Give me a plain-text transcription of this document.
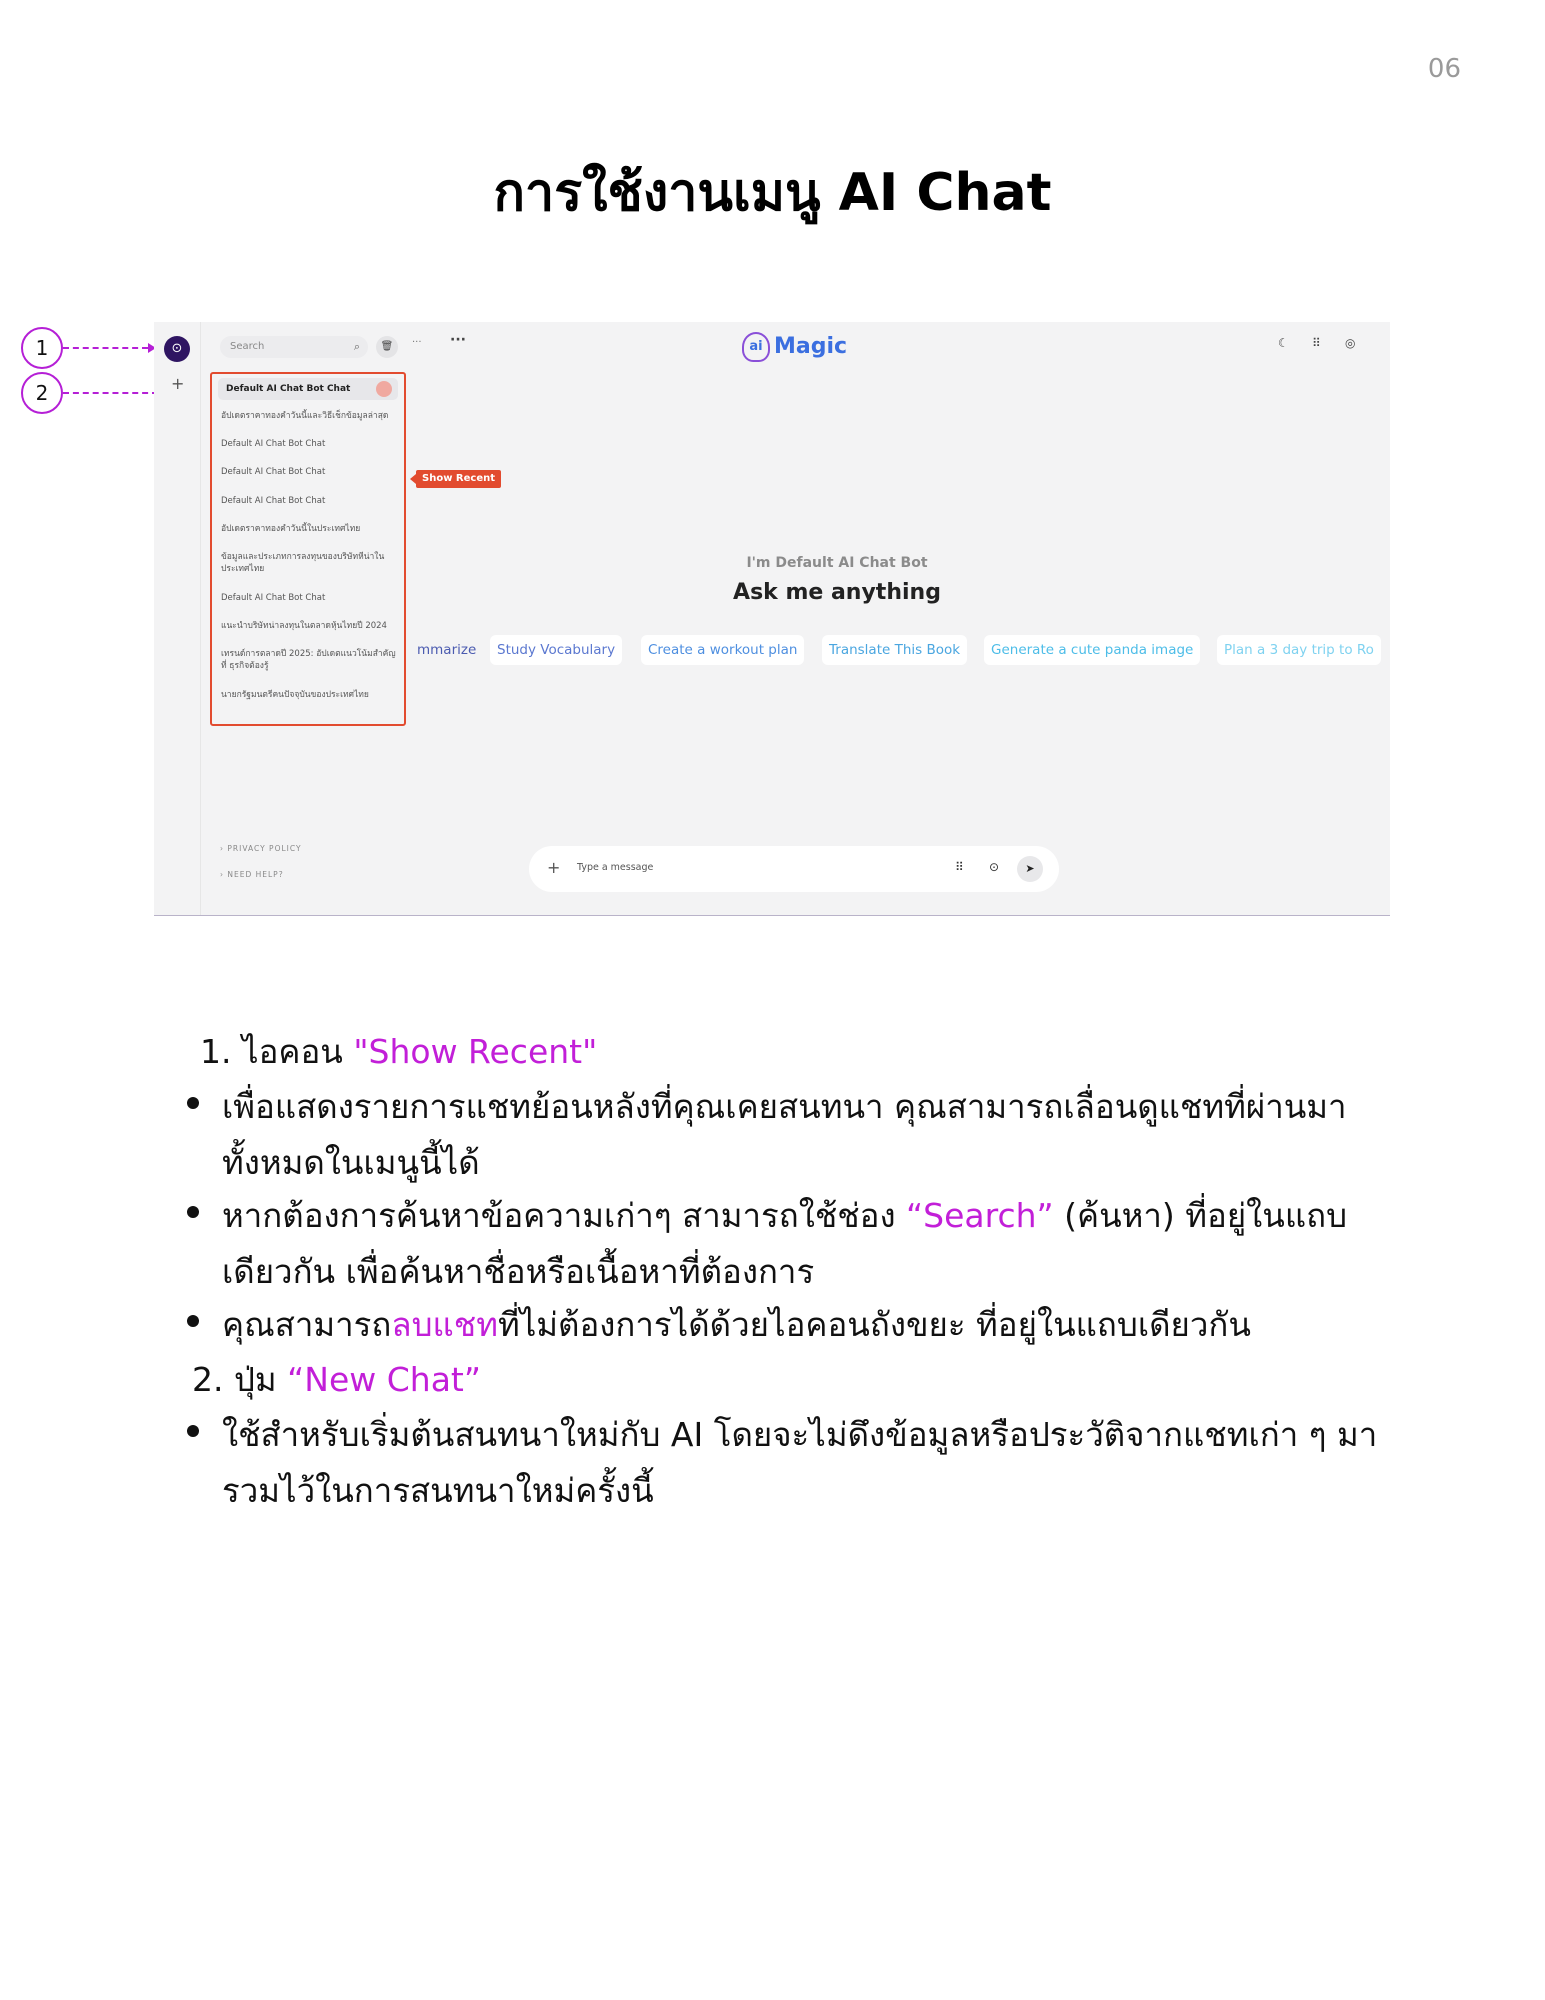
06
การใช้งานเมนู AI Chat
1
2
⊙
+
Search	⌕	🗑	··· ···
Default AI Chat Bot Chat
อัปเดตราคาทองคำวันนี้และวิธีเช็กข้อมูลล่าสุด
Default AI Chat Bot Chat
Default AI Chat Bot Chat
Default AI Chat Bot Chat
อัปเดตราคาทองคำวันนี้ในประเทศไทย
ข้อมูลและประเภทการลงทุนของบริษัทหีน่าใน ประเทศไทย
Default AI Chat Bot Chat
แนะนำบริษัทน่าลงทุนในตลาดหุ้นไทยปี 2024
เทรนด์การตลาดปี 2025: อัปเดตแนวโน้มสำคัญที่ ธุรกิจต้องรู้
นายกรัฐมนตรีคนปัจจุบันของประเทศไทย
Show Recent
› PRIVACY POLICY
› NEED HELP?
ai Magic	☾ ⠿ ◎
I'm Default AI Chat Bot
Ask me anything
mmarize	Study Vocabulary	Create a workout plan	Translate This Book	Generate a cute panda image	Plan a 3 day trip to Ro
+ Type a message	⠿ ⊙	➤
1. ไอคอน "Show Recent"
เพื่อแสดงรายการแชทย้อนหลังที่คุณเคยสนทนา คุณสามารถเลื่อนดูแชทที่ผ่านมา
ทั้งหมดในเมนูนี้ได้
หากต้องการค้นหาข้อความเก่าๆ สามารถใช้ช่อง “Search” (ค้นหา) ที่อยู่ในแถบ
เดียวกัน เพื่อค้นหาชื่อหรือเนื้อหาที่ต้องการ
คุณสามารถลบแชทที่ไม่ต้องการได้ด้วยไอคอนถังขยะ ที่อยู่ในแถบเดียวกัน
2. ปุ่ม “New Chat”
ใช้สำหรับเริ่มต้นสนทนาใหม่กับ AI โดยจะไม่ดึงข้อมูลหรือประวัติจากแชทเก่า ๆ มา
รวมไว้ในการสนทนาใหม่ครั้งนี้
